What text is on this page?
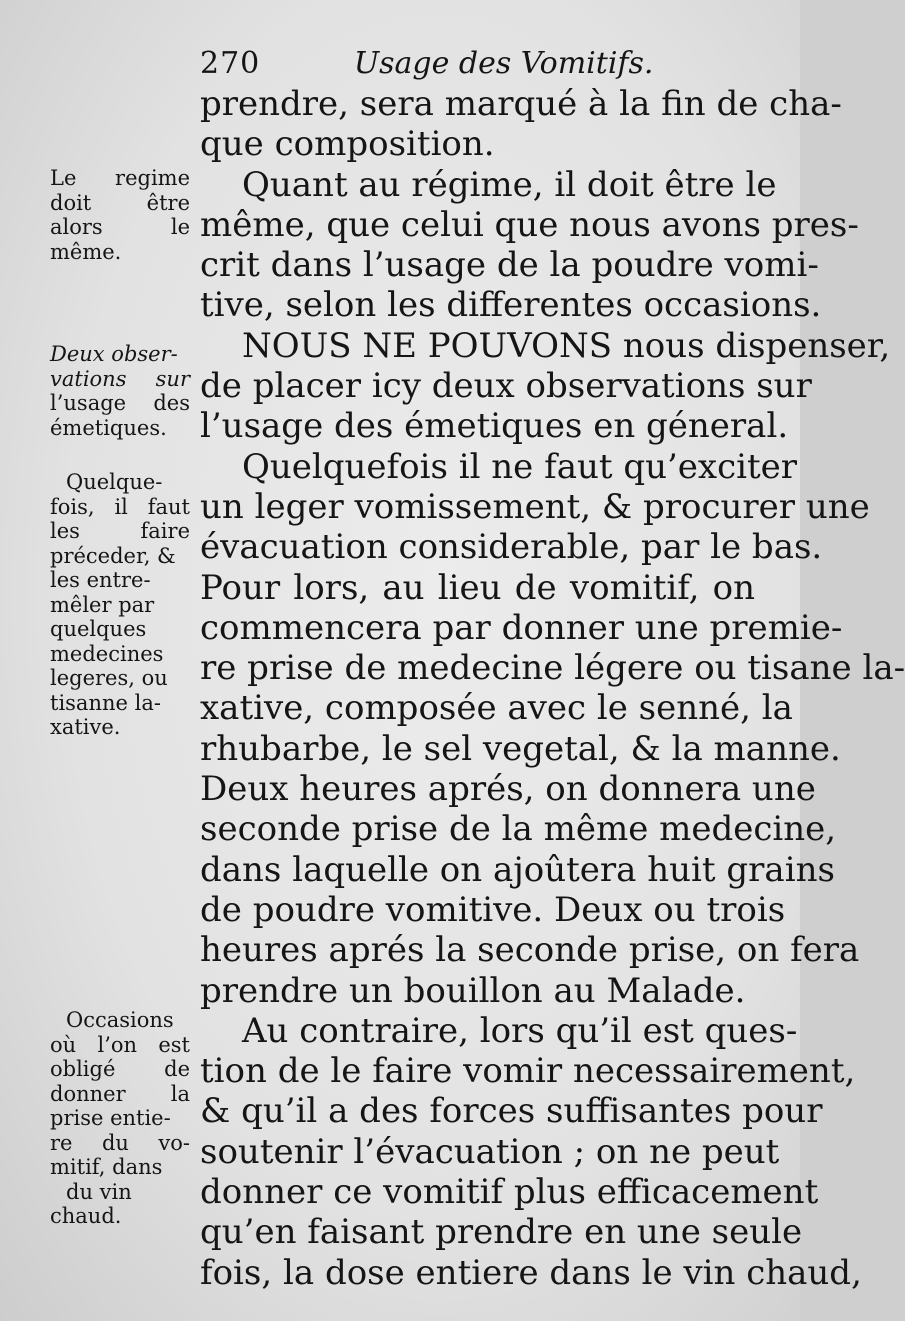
270	Usage des Vomitifs.
prendre, sera marqué à la fin de cha-
que composition.
Quant au régime, il doit être le
même, que celui que nous avons pres-
crit dans l’usage de la poudre vomi-
tive, selon les differentes occasions.
NOUS NE POUVONS nous dispenser,
de placer icy deux observations sur
l’usage des émetiques en géneral.
Quelquefois il ne faut qu’exciter
un leger vomissement, & procurer une
évacuation considerable, par le bas.
Pour lors, au lieu de vomitif, on
commencera par donner une premie-
re prise de medecine légere ou tisane la-
xative, composée avec le senné, la
rhubarbe, le sel vegetal, & la manne.
Deux heures aprés, on donnera une
seconde prise de la même medecine,
dans laquelle on ajoûtera huit grains
de poudre vomitive. Deux ou trois
heures aprés la seconde prise, on fera
prendre un bouillon au Malade.
Au contraire, lors qu’il est ques-
tion de le faire vomir necessairement,
& qu’il a des forces suffisantes pour
soutenir l’évacuation ; on ne peut
donner ce vomitif plus efficacement
qu’en faisant prendre en une seule
fois, la dose entiere dans le vin chaud,
Le regime
doit être
alors le
même.
Deux obser-
vations sur
l’usage des
émetiques.
Quelque-
fois, il faut
les faire
préceder, &
les entre-
mêler par
quelques
medecines
legeres, ou
tisanne la-
xative.
Occasions
où l’on est
obligé de
donner la
prise entie-
re du vo-
mitif, dans
du vin
chaud.
